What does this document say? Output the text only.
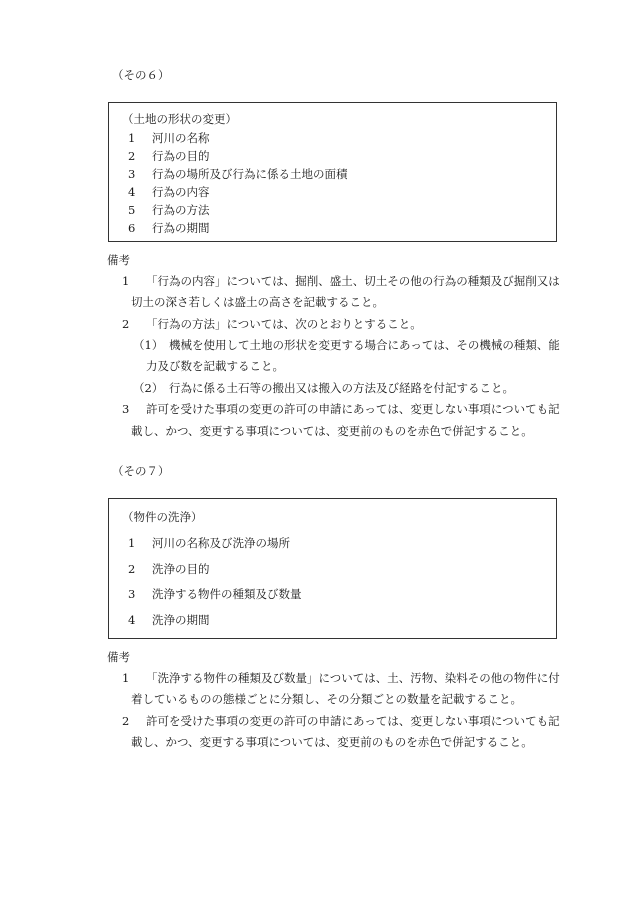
（その６）
（土地の形状の変更）
1 河川の名称
2 行為の目的
3 行為の場所及び行為に係る土地の面積
4 行為の内容
5 行為の方法
6 行為の期間
備考
1 「行為の内容」については、掘削、盛土、切土その他の行為の種類及び掘削又は
切土の深さ若しくは盛土の高さを記載すること。
2 「行為の方法」については、次のとおりとすること。
（1） 機械を使用して土地の形状を変更する場合にあっては、その機械の種類、能
力及び数を記載すること。
（2） 行為に係る土石等の搬出又は搬入の方法及び経路を付記すること。
3 許可を受けた事項の変更の許可の申請にあっては、変更しない事項についても記
載し、かつ、変更する事項については、変更前のものを赤色で併記すること。
（その７）
（物件の洗浄）
1 河川の名称及び洗浄の場所
2 洗浄の目的
3 洗浄する物件の種類及び数量
4 洗浄の期間
備考
1 「洗浄する物件の種類及び数量」については、土、汚物、染料その他の物件に付
着しているものの態様ごとに分類し、その分類ごとの数量を記載すること。
2 許可を受けた事項の変更の許可の申請にあっては、変更しない事項についても記
載し、かつ、変更する事項については、変更前のものを赤色で併記すること。
